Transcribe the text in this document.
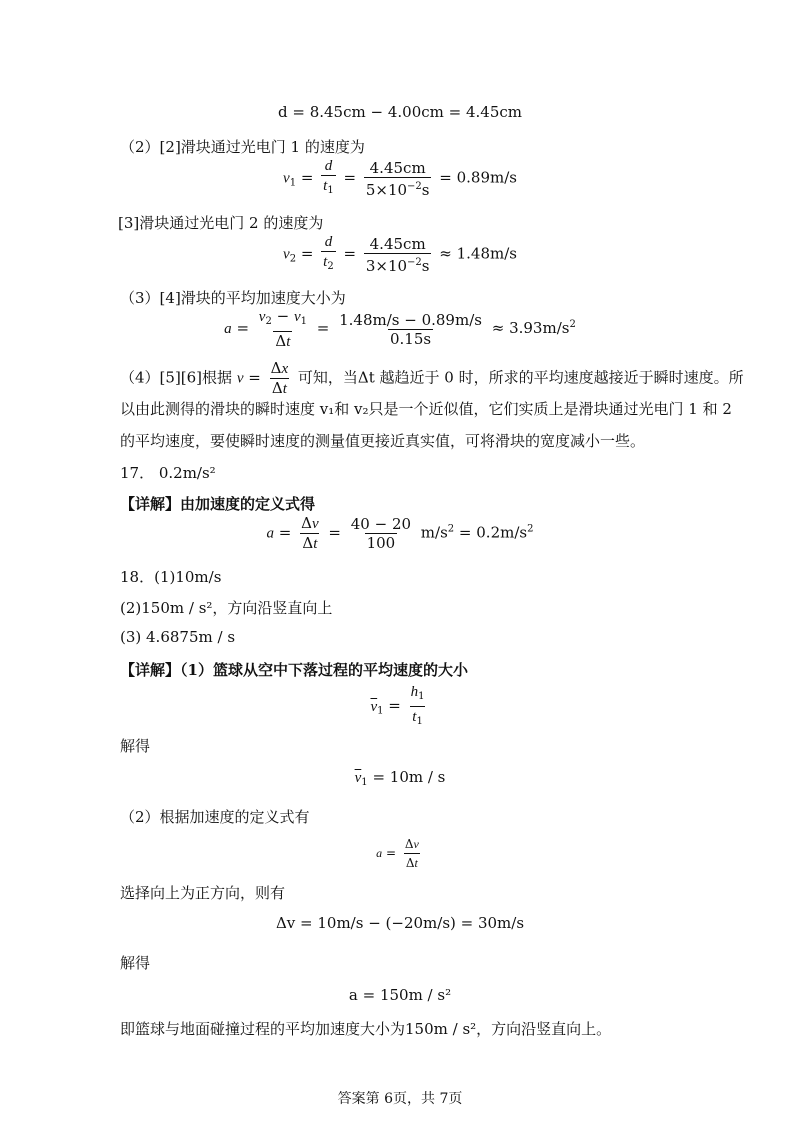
d = 8.45cm − 4.00cm = 4.45cm
（2）[2]滑块通过光电门 1 的速度为
$v_1 = \frac{d}{t_1} = \frac{4.45cm}{5\times 10^{-2}s} = 0.89m/s$
[3]滑块通过光电门 2 的速度为
$v_2 = \frac{d}{t_2} = \frac{4.45cm}{3\times 10^{-2}s} \approx 1.48m/s$
（3）[4]滑块的平均加速度大小为
$a = \frac{v_2 - v_1}{\Delta t} = \frac{1.48m/s - 0.89m/s}{0.15s} \approx 3.93m/s^2$
（4）[5][6]根据 $v = \frac{\Delta x}{\Delta t}$ 可知，当Δt 越趋近于 0 时，所求的平均速度越接近于瞬时速度。所
以由此测得的滑块的瞬时速度 v₁和 v₂只是一个近似值，它们实质上是滑块通过光电门 1 和 2
的平均速度，要使瞬时速度的测量值更接近真实值，可将滑块的宽度减小一些。
17． 0.2m/s²
【详解】由加速度的定义式得
$a = \frac{\Delta v}{\Delta t} = \frac{40 - 20}{100} m/s^2 = 0.2m/s^2$
18．(1)10m/s
(2)150m / s²，方向沿竖直向上
(3) 4.6875m / s
【详解】（1）篮球从空中下落过程的平均速度的大小
$\overline{v}_1 = \frac{h_1}{t_1}$
解得
$\overline{v}_1 = 10m / s$
（2）根据加速度的定义式有
$a = \frac{\Delta v}{\Delta t}$
选择向上为正方向，则有
Δv = 10m/s − (−20m/s) = 30m/s
解得
a = 150m / s²
即篮球与地面碰撞过程的平均加速度大小为150m / s²，方向沿竖直向上。
答案第 6页，共 7页
